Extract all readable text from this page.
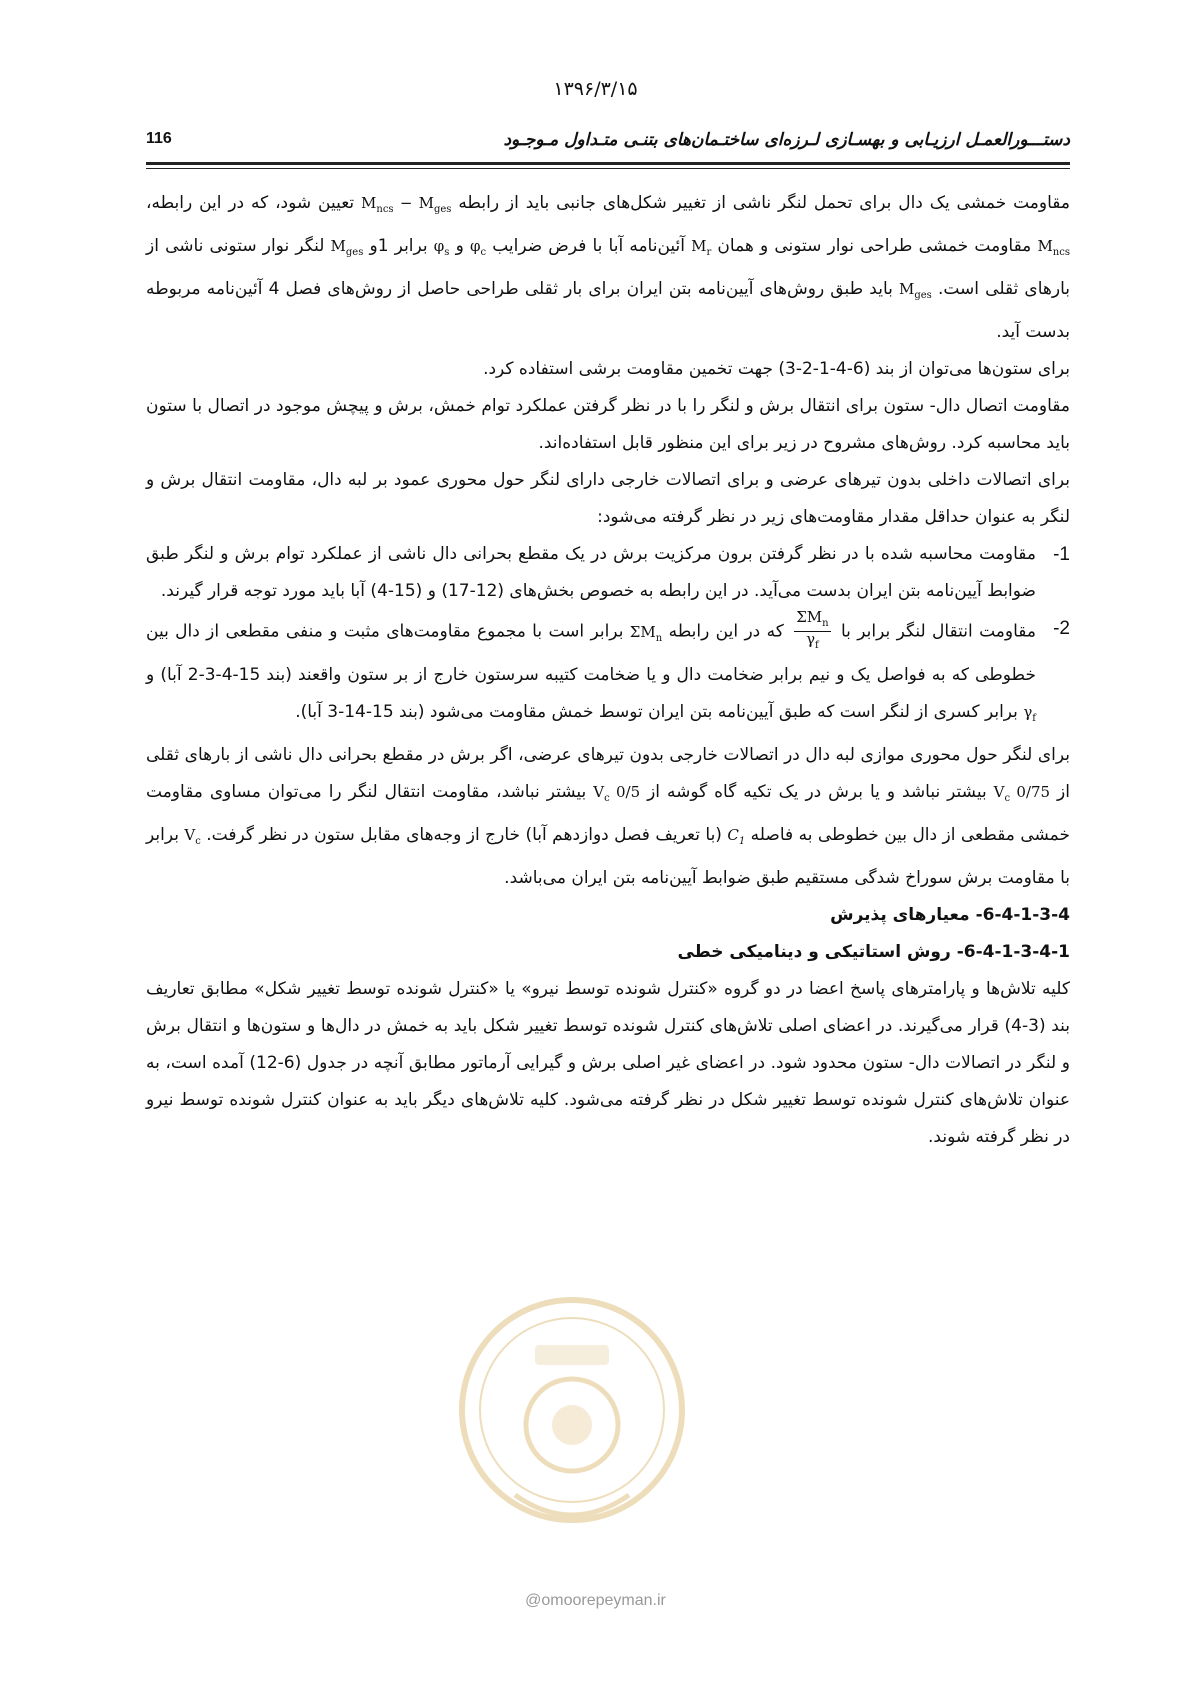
۱۳۹۶/۳/۱۵
116	دستـــورالعمـل ارزيـابی و بهسـازی لـرزه‌ای ساختـمان‌های بتنـی متـداول مـوجـود

مقاومت خمشی یک دال برای تحمل لنگر ناشی از تغییر شکل‌های جانبی باید از رابطه $M_{ncs} - M_{ges}$ تعیین شود، که در این رابطه، $M_{ncs}$ مقاومت خمشی طراحی نوار ستونی و همان $M_r$ آئین‌نامه آبا با فرض ضرایب $\varphi_c$ و $\varphi_s$ برابر 1و $M_{ges}$ لنگر نوار ستونی ناشی از بارهای ثقلی است. $M_{ges}$ باید طبق روش‌های آیین‌نامه بتن ایران برای بار ثقلی طراحی حاصل از روش‌های فصل 4 آئین‌نامه مربوطه بدست آید.

برای ستون‌ها می‌توان از بند (6-4-1-2-3) جهت تخمین مقاومت برشی استفاده کرد.

مقاومت اتصال دال- ستون برای انتقال برش و لنگر را با در نظر گرفتن عملکرد توام خمش، برش و پیچش موجود در اتصال با ستون باید محاسبه کرد. روش‌های مشروح در زیر برای این منظور قابل استفاده‌اند.

برای اتصالات داخلی بدون تیرهای عرضی و برای اتصالات خارجی دارای لنگر حول محوری عمود بر لبه دال، مقاومت انتقال برش و لنگر به عنوان حداقل مقدار مقاومت‌های زیر در نظر گرفته می‌شود:

1-
مقاومت محاسبه شده با در نظر گرفتن برون مرکزیت برش در یک مقطع بحرانی دال ناشی از عملکرد توام برش و لنگر طبق ضوابط آیین‌نامه بتن ایران بدست می‌آید. در این رابطه به خصوص بخش‌های (12-17) و (15-4) آبا باید مورد توجه قرار گیرند.

2-
مقاومت انتقال لنگر برابر با
$\frac{\Sigma M_n}{\gamma_f}$
که در این رابطه $\Sigma M_n$ برابر است با مجموع مقاومت‌های مثبت و منفی مقطعی از دال بین خطوطی که به فواصل یک و نیم برابر ضخامت دال و یا ضخامت کتیبه سرستون خارج از بر ستون واقعند (بند 15-4-3-2 آبا) و $\gamma_f$ برابر کسری از لنگر است که طبق آیین‌نامه بتن ایران توسط خمش مقاومت می‌شود (بند 15-14-3 آبا).

برای لنگر حول محوری موازی لبه دال در اتصالات خارجی بدون تیرهای عرضی، اگر برش در مقطع بحرانی دال ناشی از بارهای ثقلی از 0/75 $V_c$ بیشتر نباشد و یا برش در یک تکیه گاه گوشه از 0/5 $V_c$ بیشتر نباشد، مقاومت انتقال لنگر را می‌توان مساوی مقاومت خمشی مقطعی از دال بین خطوطی به فاصله $C_1$ (با تعریف فصل دوازدهم آبا) خارج از وجه‌های مقابل ستون در نظر گرفت. $V_c$ برابر با مقاومت برش سوراخ شدگی مستقیم طبق ضوابط آیین‌نامه بتن ایران می‌باشد.

6-4-1-3-4- معیارهای پذیرش

6-4-1-3-4-1- روش استاتیکی و دینامیکی خطی

کلیه تلاش‌ها و پارامترهای پاسخ اعضا در دو گروه «کنترل شونده توسط نیرو» یا «کنترل شونده توسط تغییر شکل» مطابق تعاریف بند (3-4) قرار می‌گیرند. در اعضای اصلی تلاش‌های کنترل شونده توسط تغییر شکل باید به خمش در دال‌ها و ستون‌ها و انتقال برش و لنگر در اتصالات دال- ستون محدود شود. در اعضای غیر اصلی برش و گیرایی آرماتور مطابق آنچه در جدول (6-12) آمده است، به عنوان تلاش‌های کنترل شونده توسط تغییر شکل در نظر گرفته می‌شود. کلیه تلاش‌های دیگر باید به عنوان کنترل شونده توسط نیرو در نظر گرفته شوند.

@omoorepeyman.ir
